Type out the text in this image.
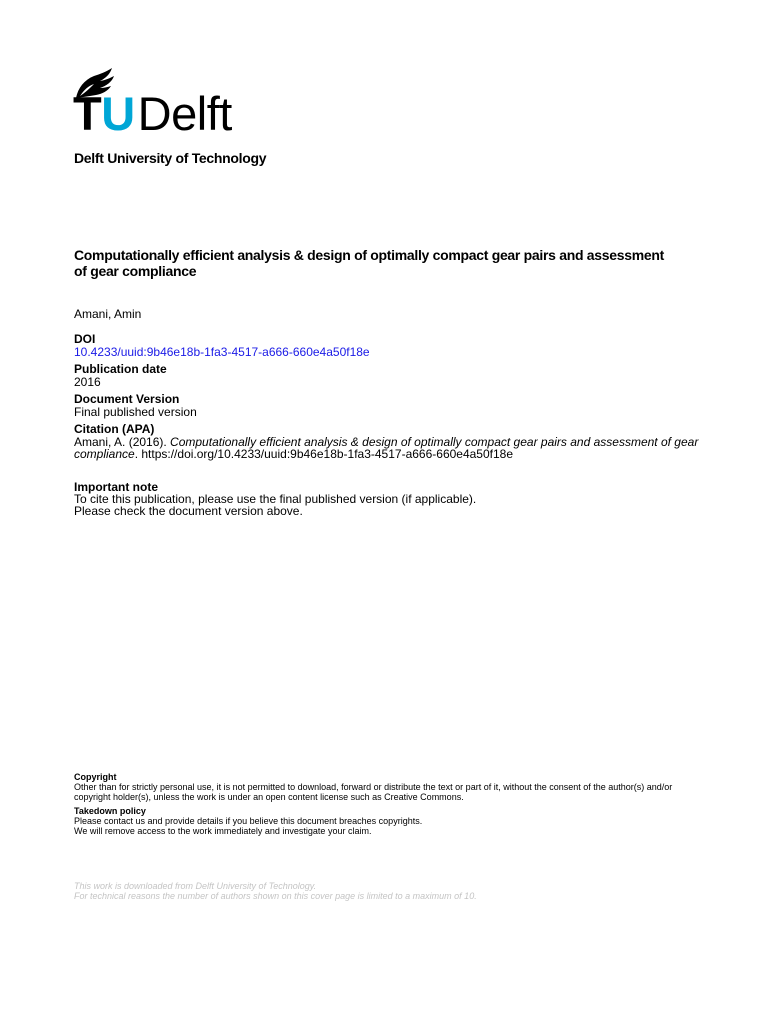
TUDelft
Delft University of Technology
Computationally efficient analysis & design of optimally compact gear pairs and assessment of gear compliance
Amani, Amin
DOI
10.4233/uuid:9b46e18b-1fa3-4517-a666-660e4a50f18e
Publication date
2016
Document Version
Final published version
Citation (APA)
Amani, A. (2016). Computationally efficient analysis & design of optimally compact gear pairs and assessment of gear compliance. https://doi.org/10.4233/uuid:9b46e18b-1fa3-4517-a666-660e4a50f18e
Important note
To cite this publication, please use the final published version (if applicable).
Please check the document version above.
Copyright
Other than for strictly personal use, it is not permitted to download, forward or distribute the text or part of it, without the consent of the author(s) and/or copyright holder(s), unless the work is under an open content license such as Creative Commons.
Takedown policy
Please contact us and provide details if you believe this document breaches copyrights.
We will remove access to the work immediately and investigate your claim.
This work is downloaded from Delft University of Technology.
For technical reasons the number of authors shown on this cover page is limited to a maximum of 10.
